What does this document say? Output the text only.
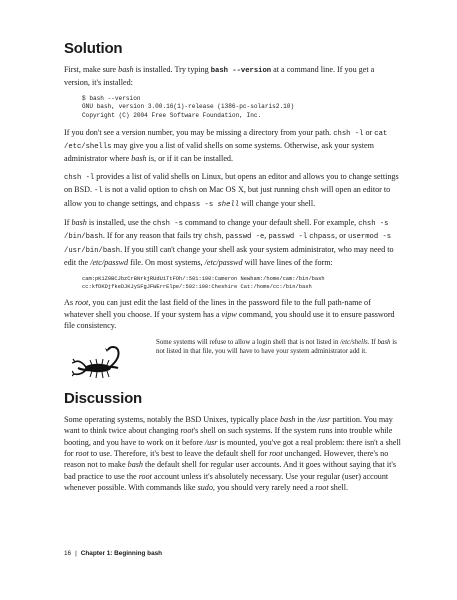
Solution

First, make sure bash is installed. Try typing bash --version at a command line. If you get a version, it's installed:

$ bash --version
GNU bash, version 3.00.16(1)-release (i386-pc-solaris2.10)
Copyright (C) 2004 Free Software Foundation, Inc.

If you don't see a version number, you may be missing a directory from your path. chsh -l or cat /etc/shells may give you a list of valid shells on some systems. Otherwise, ask your system administrator where bash is, or if it can be installed.

chsh -l provides a list of valid shells on Linux, but opens an editor and allows you to change settings on BSD. -l is not a valid option to chsh on Mac OS X, but just running chsh will open an editor to allow you to change settings, and chpass -s shell will change your shell.

If bash is installed, use the chsh -s command to change your default shell. For example, chsh -s /bin/bash. If for any reason that fails try chsh, passwd -e, passwd -l chpass, or usermod -s /usr/bin/bash. If you still can't change your shell ask your system administrator, who may need to edit the /etc/passwd file. On most systems, /etc/passwd will have lines of the form:

cam:pK1Z9BCJbzCrBNrkjRUdUiTtFOh/:501:100:Cameron Newham:/home/cam:/bin/bash
cc:kfDKDjfkeDJKJySFgJFWErrElpe/:502:100:Cheshire Cat:/home/cc:/bin/bash

As root, you can just edit the last field of the lines in the password file to the full path-name of whatever shell you choose. If your system has a vipw command, you should use it to ensure password file consistency.

Some systems will refuse to allow a login shell that is not listed in /etc/shells. If bash is not listed in that file, you will have to have your system administrator add it.
Discussion

Some operating systems, notably the BSD Unixes, typically place bash in the /usr partition. You may want to think twice about changing root's shell on such systems. If the system runs into trouble while booting, and you have to work on it before /usr is mounted, you've got a real problem: there isn't a shell for root to use. Therefore, it's best to leave the default shell for root unchanged. However, there's no reason not to make bash the default shell for regular user accounts. And it goes without saying that it's bad practice to use the root account unless it's absolutely necessary. Use your regular (user) account whenever possible. With commands like sudo, you should very rarely need a root shell.

16 | Chapter 1: Beginning bash
